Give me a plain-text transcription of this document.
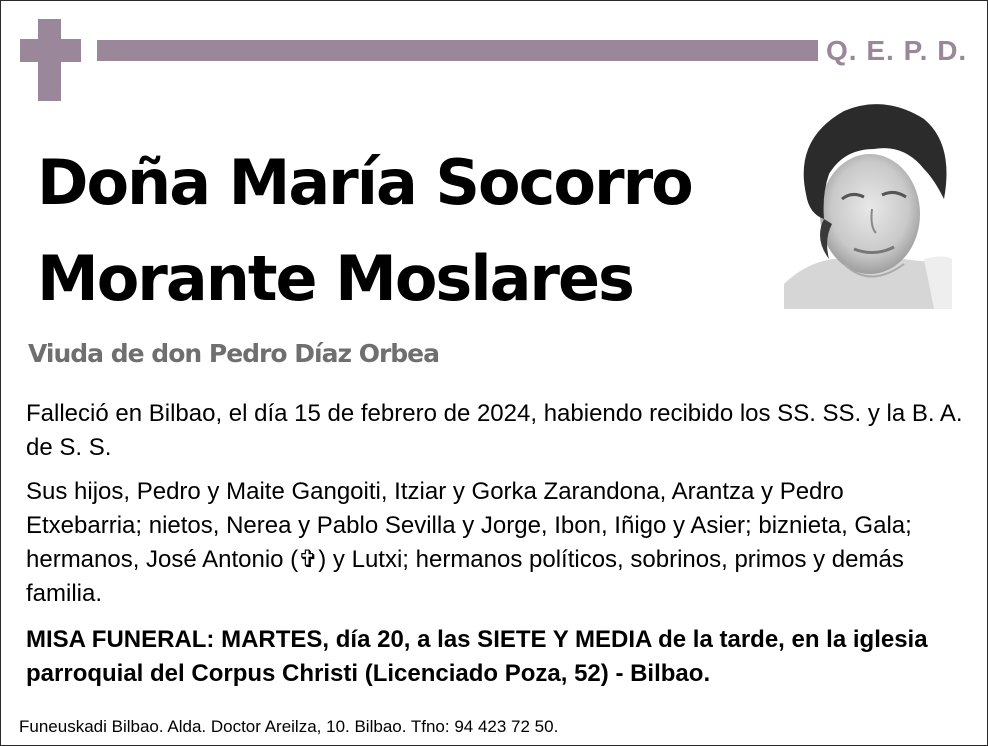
Q. E. P. D.
Doña María Socorro
Morante Moslares
Viuda de don Pedro Díaz Orbea

Falleció en Bilbao, el día 15 de febrero de 2024, habiendo recibido los SS. SS. y la B. A. de S. S.

Sus hijos, Pedro y Maite Gangoiti, Itziar y Gorka Zarandona, Arantza y Pedro Etxebarria; nietos, Nerea y Pablo Sevilla y Jorge, Ibon, Iñigo y Asier; biznieta, Gala; hermanos, José Antonio (✞) y Lutxi; hermanos políticos, sobrinos, primos y demás familia.

MISA FUNERAL: MARTES, día 20, a las SIETE Y MEDIA de la tarde, en la iglesia parroquial del Corpus Christi (Licenciado Poza, 52) - Bilbao.

Funeuskadi Bilbao. Alda. Doctor Areilza, 10. Bilbao. Tfno: 94 423 72 50.
